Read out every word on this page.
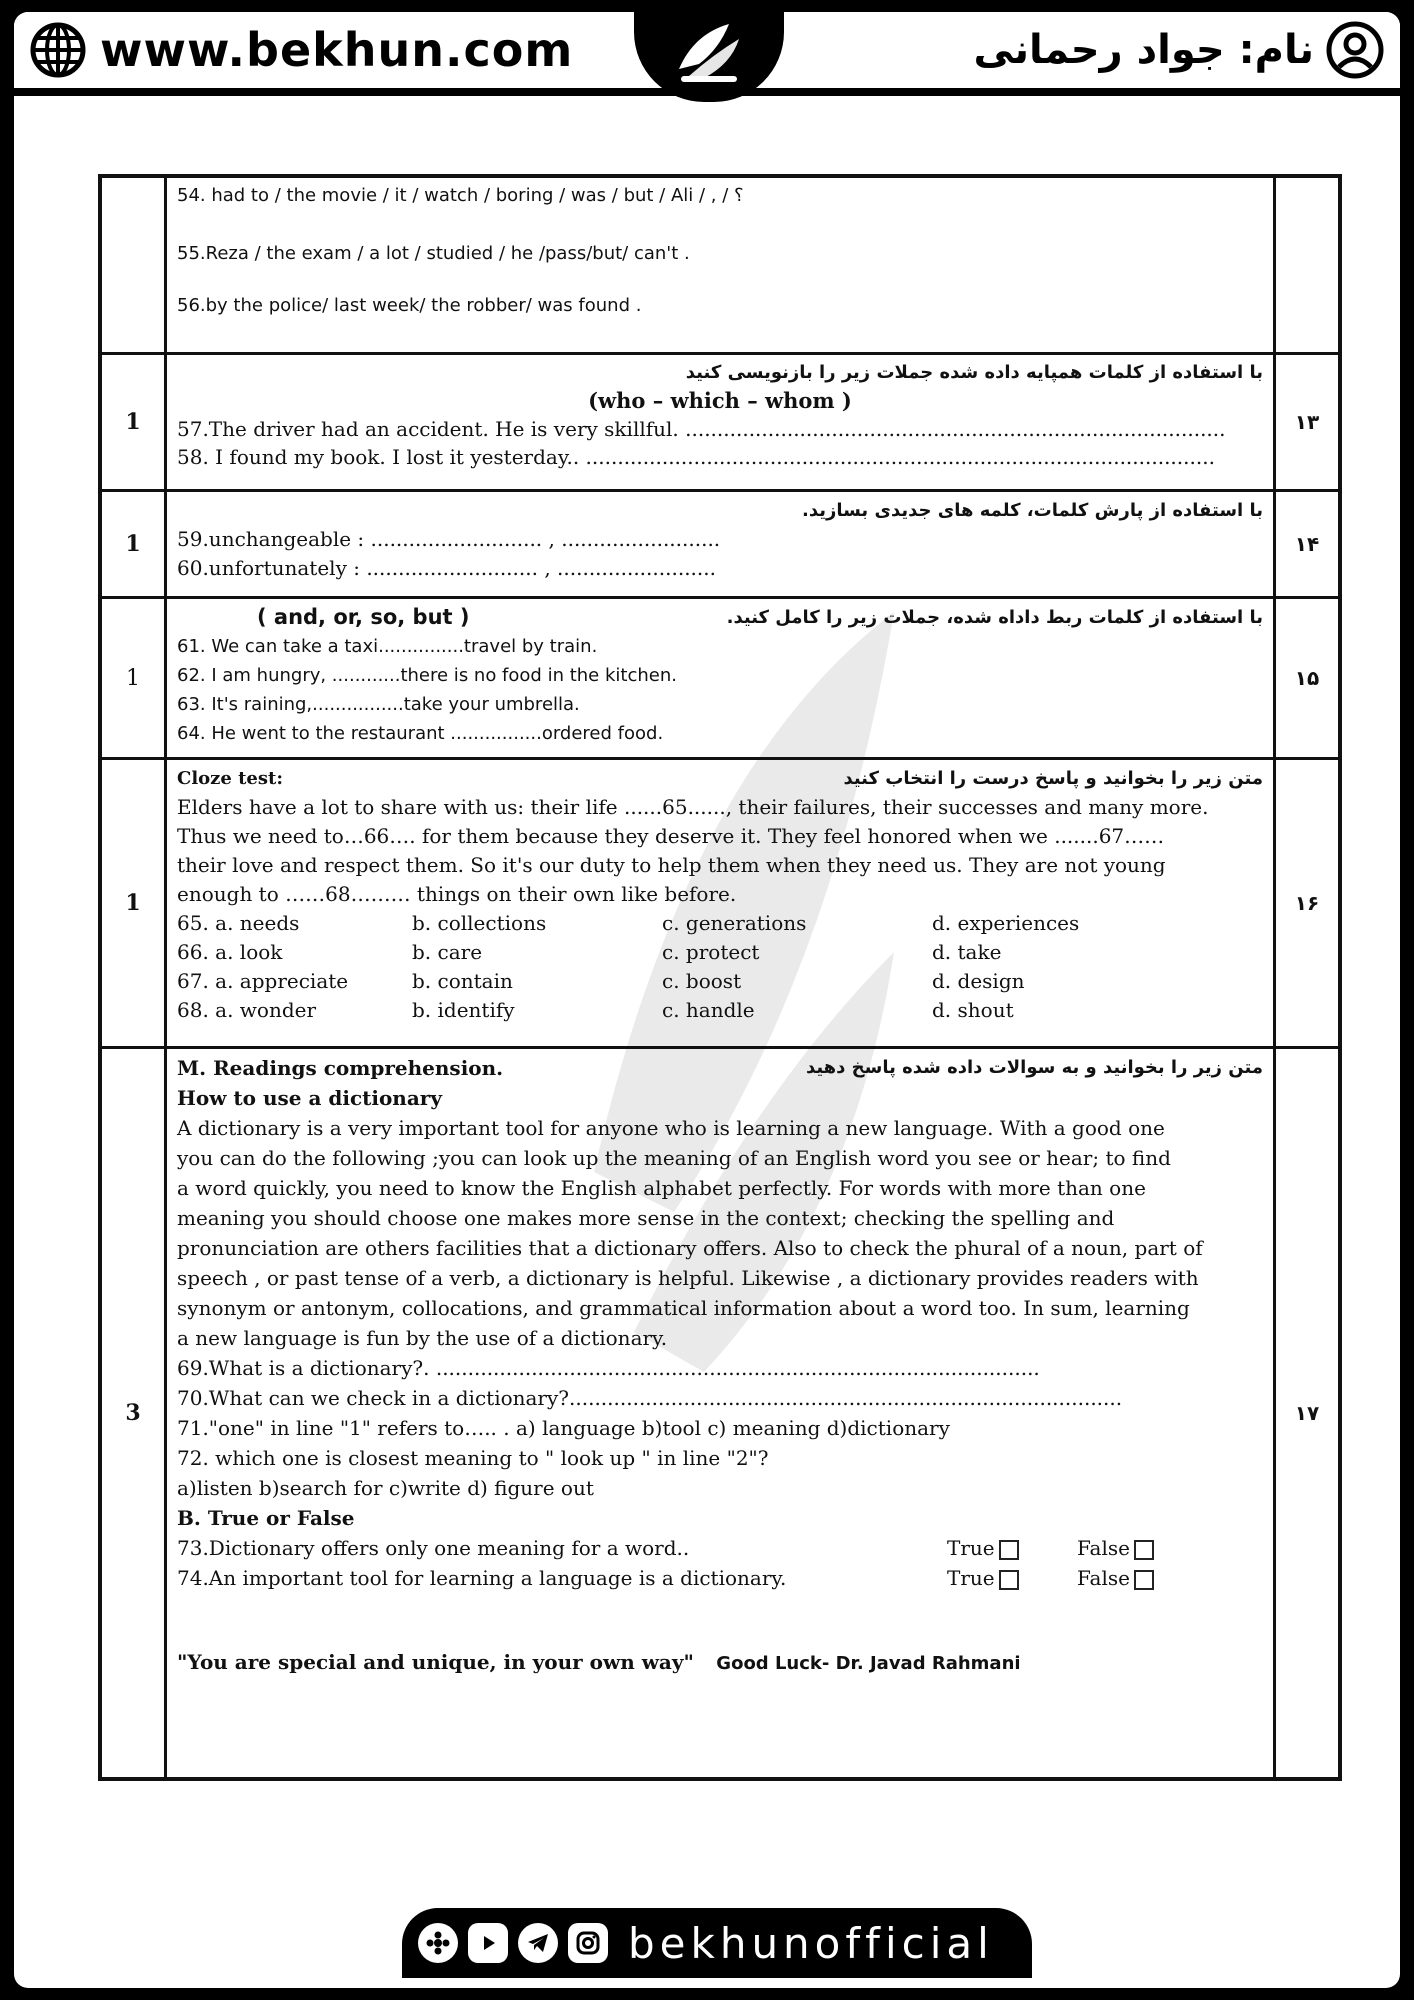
www.bekhun.com	نام: جواد رحمانی
54. had to / the movie / it / watch / boring / was / but / Ali / , / ؟
55.Reza / the exam / a lot / studied / he /pass/but/ can't .
56.by the police/ last week/ the robber/ was found .
1
با استفاده از کلمات همپایه داده شده جملات زیر را بازنویسی کنید
(who – which – whom )
57.The driver had an accident. He is very skillful. .....................................................................................
58. I found my book. I lost it yesterday.. ...................................................................................................
۱۳
1
با استفاده از پارش کلمات، کلمه های جدیدی بسازید.
59.unchangeable : ........................... , .........................
60.unfortunately : ........................... , .........................
۱۴
1
( and, or, so, but )	با استفاده از کلمات ربط داداه شده، جملات زیر را کامل کنید.
61. We can take a taxi...............travel by train.
62. I am hungry, ............there is no food in the kitchen.
63. It's raining,................take your umbrella.
64. He went to the restaurant ................ordered food.
۱۵
1
Cloze test:	متن زیر را بخوانید و پاسخ درست را انتخاب کنید
Elders have a lot to share with us: their life ......65......, their failures, their successes and many more.
Thus we need to…66…. for them because they deserve it. They feel honored when we .......67……
their love and respect them. So it's our duty to help them when they need us. They are not young
enough to ……68……… things on their own like before.
65. a. needs	b. collections	c. generations	d. experiences
66. a. look	b. care	c. protect	d. take
67. a. appreciate	b. contain	c. boost	d. design
68. a. wonder	b. identify	c. handle	d. shout
۱۶
3
M. Readings comprehension.	متن زیر را بخوانید و به سوالات داده شده پاسخ دهید
How to use a dictionary
A dictionary is a very important tool for anyone who is learning a new language. With a good one
you can do the following ;you can look up the meaning of an English word you see or hear; to find
a word quickly, you need to know the English alphabet perfectly. For words with more than one
meaning you should choose one makes more sense in the context; checking the spelling and
pronunciation are others facilities that a dictionary offers. Also to check the phural of a noun, part of
speech , or past tense of a verb, a dictionary is helpful. Likewise , a dictionary provides readers with
synonym or antonym, collocations, and grammatical information about a word too. In sum, learning
a new language is fun by the use of a dictionary.
69.What is a dictionary?. ...............................................................................................
70.What can we check in a dictionary?.......................................................................................
71."one" in line "1" refers to….. . a) language b)tool c) meaning d)dictionary
72. which one is closest meaning to " look up " in line "2"?
a)listen b)search for c)write d) figure out
B. True or False
73.Dictionary offers only one meaning for a word..	True	False
74.An important tool for learning a language is a dictionary.	True	False
"You are special and unique, in your own way" Good Luck- Dr. Javad Rahmani
۱۷
bekhunofficial
